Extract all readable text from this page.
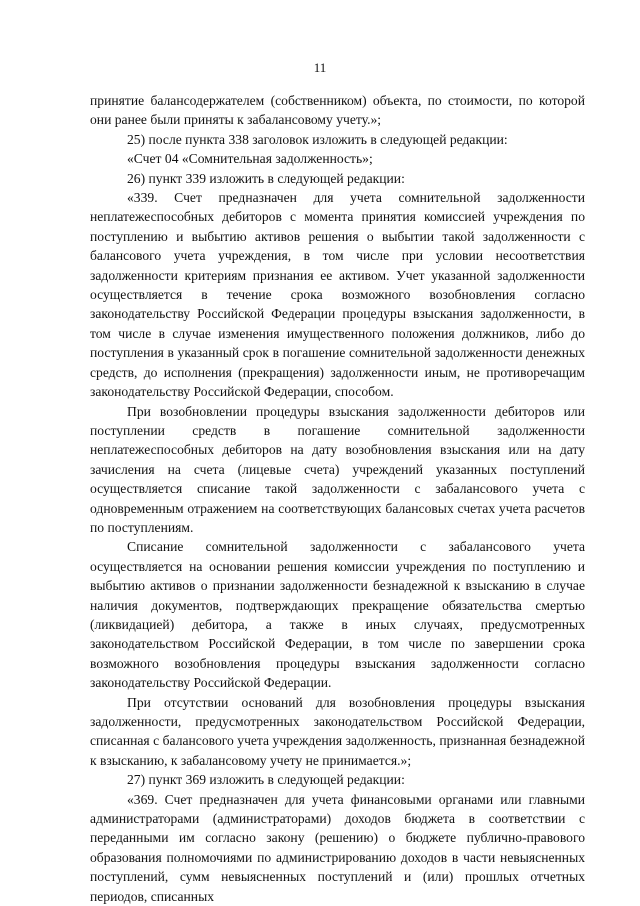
11

принятие балансодержателем (собственником) объекта, по стоимости, по которой они ранее были приняты к забалансовому учету.»;

25) после пункта 338 заголовок изложить в следующей редакции:

«Счет 04 «Сомнительная задолженность»;

26) пункт 339 изложить в следующей редакции:

«339. Счет предназначен для учета сомнительной задолженности неплатежеспособных дебиторов с момента принятия комиссией учреждения по поступлению и выбытию активов решения о выбытии такой задолженности с балансового учета учреждения, в том числе при условии несоответствия задолженности критериям признания ее активом. Учет указанной задолженности осуществляется в течение срока возможного возобновления согласно законодательству Российской Федерации процедуры взыскания задолженности, в том числе в случае изменения имущественного положения должников, либо до поступления в указанный срок в погашение сомнительной задолженности денежных средств, до исполнения (прекращения) задолженности иным, не противоречащим законодательству Российской Федерации, способом.

При возобновлении процедуры взыскания задолженности дебиторов или поступлении средств в погашение сомнительной задолженности неплатежеспособных дебиторов на дату возобновления взыскания или на дату зачисления на счета (лицевые счета) учреждений указанных поступлений осуществляется списание такой задолженности с забалансового учета с одновременным отражением на соответствующих балансовых счетах учета расчетов по поступлениям.

Списание сомнительной задолженности с забалансового учета осуществляется на основании решения комиссии учреждения по поступлению и выбытию активов о признании задолженности безнадежной к взысканию в случае наличия документов, подтверждающих прекращение обязательства смертью (ликвидацией) дебитора, а также в иных случаях, предусмотренных законодательством Российской Федерации, в том числе по завершении срока возможного возобновления процедуры взыскания задолженности согласно законодательству Российской Федерации.

При отсутствии оснований для возобновления процедуры взыскания задолженности, предусмотренных законодательством Российской Федерации, списанная с балансового учета учреждения задолженность, признанная безнадежной к взысканию, к забалансовому учету не принимается.»;

27) пункт 369 изложить в следующей редакции:

«369. Счет предназначен для учета финансовыми органами или главными администраторами (администраторами) доходов бюджета в соответствии с переданными им согласно закону (решению) о бюджете публично-правового образования полномочиями по администрированию доходов в части невыясненных поступлений, сумм невыясненных поступлений и (или) прошлых отчетных периодов, списанных
